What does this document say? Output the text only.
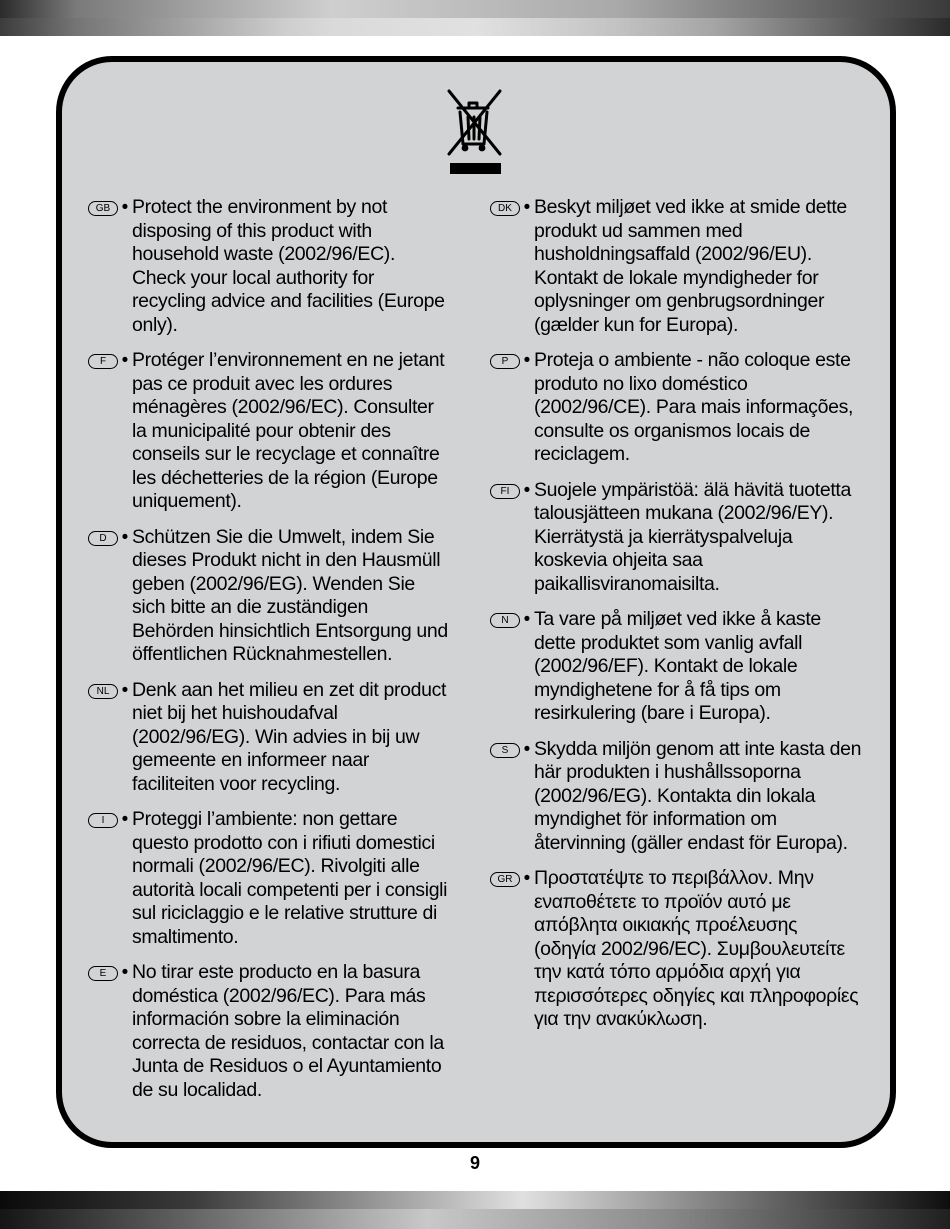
GB • Protect the environment by not disposing of this product with household waste (2002/96/EC). Check your local authority for recycling advice and facilities (Europe only).
F • Protéger l’environnement en ne jetant pas ce produit avec les ordures ménagères (2002/96/EC). Consulter la municipalité pour obtenir des conseils sur le recyclage et connaître les déchetteries de la région (Europe uniquement).
D • Schützen Sie die Umwelt, indem Sie dieses Produkt nicht in den Hausmüll geben (2002/96/EG). Wenden Sie sich bitte an die zuständigen Behörden hinsichtlich Entsorgung und öffentlichen Rücknahmestellen.
NL • Denk aan het milieu en zet dit product niet bij het huishoudafval (2002/96/EG). Win advies in bij uw gemeente en informeer naar faciliteiten voor recycling.
I • Proteggi l’ambiente: non gettare questo prodotto con i rifiuti domestici normali (2002/96/EC). Rivolgiti alle autorità locali competenti per i consigli sul riciclaggio e le relative strutture di smaltimento.
E • No tirar este producto en la basura doméstica (2002/96/EC). Para más información sobre la eliminación correcta de residuos, contactar con la Junta de Residuos o el Ayuntamiento de su localidad.
DK • Beskyt miljøet ved ikke at smide dette produkt ud sammen med husholdningsaffald (2002/96/EU). Kontakt de lokale myndigheder for oplysninger om genbrugsordninger (gælder kun for Europa).
P • Proteja o ambiente - não coloque este produto no lixo doméstico (2002/96/CE). Para mais informações, consulte os organismos locais de reciclagem.
FI • Suojele ympäristöä: älä hävitä tuotetta talousjätteen mukana (2002/96/EY). Kierrätystä ja kierrätyspalveluja koskevia ohjeita saa paikallisviranomaisilta.
N • Ta vare på miljøet ved ikke å kaste dette produktet som vanlig avfall (2002/96/EF). Kontakt de lokale myndighetene for å få tips om resirkulering (bare i Europa).
S • Skydda miljön genom att inte kasta den här produkten i hushållssoporna (2002/96/EG). Kontakta din lokala myndighet för information om återvinning (gäller endast för Europa).
GR • Προστατέψτε το περιβάλλον. Μην εναποθέτετε το προϊόν αυτό με απόβλητα οικιακής προέλευσης (οδηγία 2002/96/EC). Συμβουλευτείτε την κατά τόπο αρμόδια αρχή για περισσότερες οδηγίες και πληροφορίες για την ανακύκλωση.
9
